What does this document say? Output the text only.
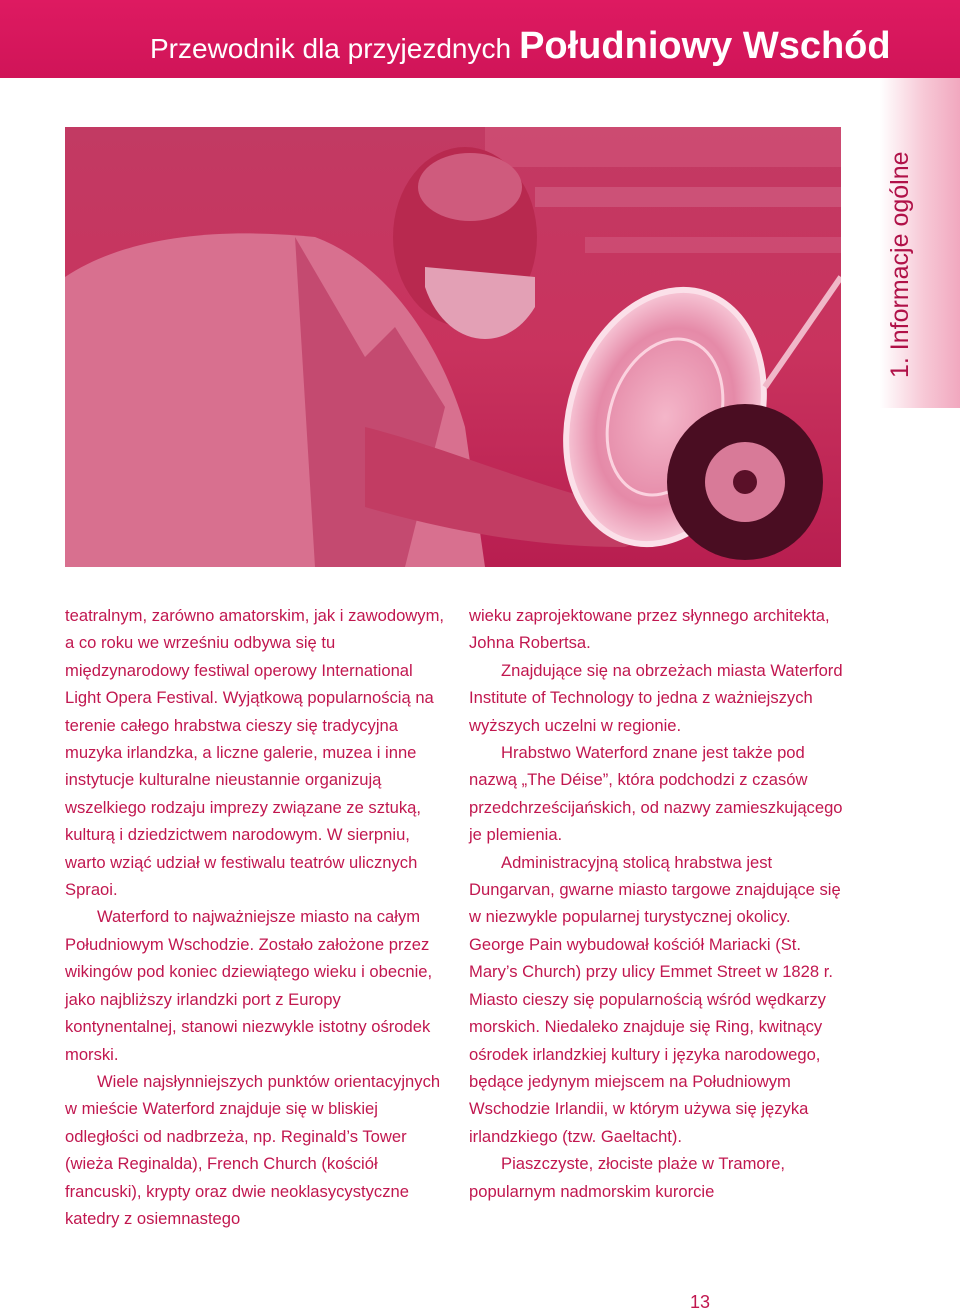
Przewodnik dla przyjezdnych Południowy Wschód
1. Informacje ogólne

teatralnym, zarówno amatorskim, jak i zawodowym, a co roku we wrześniu odbywa się tu międzynarodowy festiwal operowy International Light Opera Festival. Wyjątkową popularnością na terenie całego hrabstwa cieszy się tradycyjna muzyka irlandzka, a liczne galerie, muzea i inne instytucje kulturalne nieustannie organizują wszelkiego rodzaju imprezy związane ze sztuką, kulturą i dziedzictwem narodowym. W sierpniu, warto wziąć udział w festiwalu teatrów ulicznych Spraoi.

Waterford to najważniejsze miasto na całym Południowym Wschodzie. Zostało założone przez wikingów pod koniec dziewiątego wieku i obecnie, jako najbliższy irlandzki port z Europy kontynentalnej, stanowi niezwykle istotny ośrodek morski.

Wiele najsłynniejszych punktów orientacyjnych w mieście Waterford znajduje się w bliskiej odległości od nadbrzeża, np. Reginald’s Tower (wieża Reginalda), French Church (kościół francuski), krypty oraz dwie neoklasycystyczne katedry z osiemnastego

wieku zaprojektowane przez słynnego architekta, Johna Robertsa.

Znajdujące się na obrzeżach miasta Waterford Institute of Technology to jedna z ważniejszych wyższych uczelni w regionie.

Hrabstwo Waterford znane jest także pod nazwą „The Déise”, która podchodzi z czasów przedchrześcijańskich, od nazwy zamieszkującego je plemienia.

Administracyjną stolicą hrabstwa jest Dungarvan, gwarne miasto targowe znajdujące się w niezwykle popularnej turystycznej okolicy. George Pain wybudował kościół Mariacki (St. Mary’s Church) przy ulicy Emmet Street w 1828 r. Miasto cieszy się popularnością wśród wędkarzy morskich. Niedaleko znajduje się Ring, kwitnący ośrodek irlandzkiej kultury i języka narodowego, będące jedynym miejscem na Południowym Wschodzie Irlandii, w którym używa się języka irlandzkiego (tzw. Gaeltacht).

Piaszczyste, złociste plaże w Tramore, popularnym nadmorskim kurorcie

13
